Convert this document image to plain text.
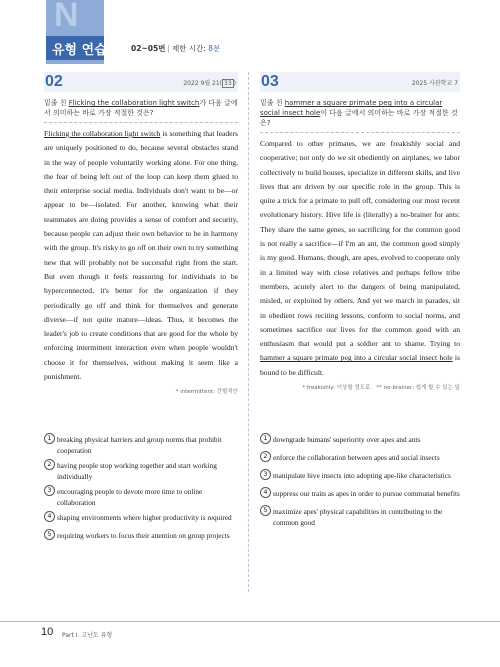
N
유형 연습	02~05번 | 제한 시간: 8분
02	2022 9월 21( 33 )
밑줄 친 Flicking the collaboration light switch가 다음 글에서 의미하는 바로 가장 적절한 것은?

Flicking the collaboration light switch is something that leaders are uniquely positioned to do, because several obstacles stand in the way of people voluntarily working alone. For one thing, the fear of being left out of the loop can keep them glued to their enterprise social media. Individuals don't want to be—or appear to be—isolated. For another, knowing what their teammates are doing provides a sense of comfort and security, because people can adjust their own behavior to be in harmony with the group. It's risky to go off on their own to try something new that will probably not be successful right from the start. But even though it feels reassuring for individuals to be hyperconnected, it's better for the organization if they periodically go off and think for themselves and generate diverse—if not quite mature—ideas. Thus, it becomes the leader's job to create conditions that are good for the whole by enforcing intermittent interaction even when people wouldn't choose it for themselves, without making it seem like a punishment.

* intermittent: 간헐적인
03	2025 사관학교 7
밑줄 친 hammer a square primate peg into a circular social insect hole이 다음 글에서 의미하는 바로 가장 적절한 것은?

Compared to other primates, we are freakishly social and cooperative; not only do we sit obediently on airplanes, we labor collectively to build houses, specialize in different skills, and live lives that are driven by our specific role in the group. This is quite a trick for a primate to pull off, considering our most recent evolutionary history. Hive life is (literally) a no-brainer for ants: They share the same genes, so sacrificing for the common good is not really a sacrifice—if I'm an ant, the common good simply is my good. Humans, though, are apes, evolved to cooperate only in a limited way with close relatives and perhaps fellow tribe members, acutely alert to the dangers of being manipulated, misled, or exploited by others. And yet we march in parades, sit in obedient rows reciting lessons, conform to social norms, and sometimes sacrifice our lives for the common good with an enthusiasm that would put a soldier ant to shame. Trying to hammer a square primate peg into a circular social insect hole is bound to be difficult.

* freakishly: 이상할 정도로 ** no-brainer: 쉽게 할 수 있는 일
1 breaking physical barriers and group norms that prohibit cooperation
2 having people stop working together and start working individually
3 encouraging people to devote more time to online collaboration
4 shaping environments where higher productivity is required
5 requiring workers to focus their attention on group projects
1 downgrade humans' superiority over apes and ants
2 enforce the collaboration between apes and social insects
3 manipulate hive insects into adopting ape-like characteristics
4 suppress our traits as apes in order to pursue communal benefits
5 maximize apes' physical capabilities in contributing to the common good
10 Part I. 고난도 유형
